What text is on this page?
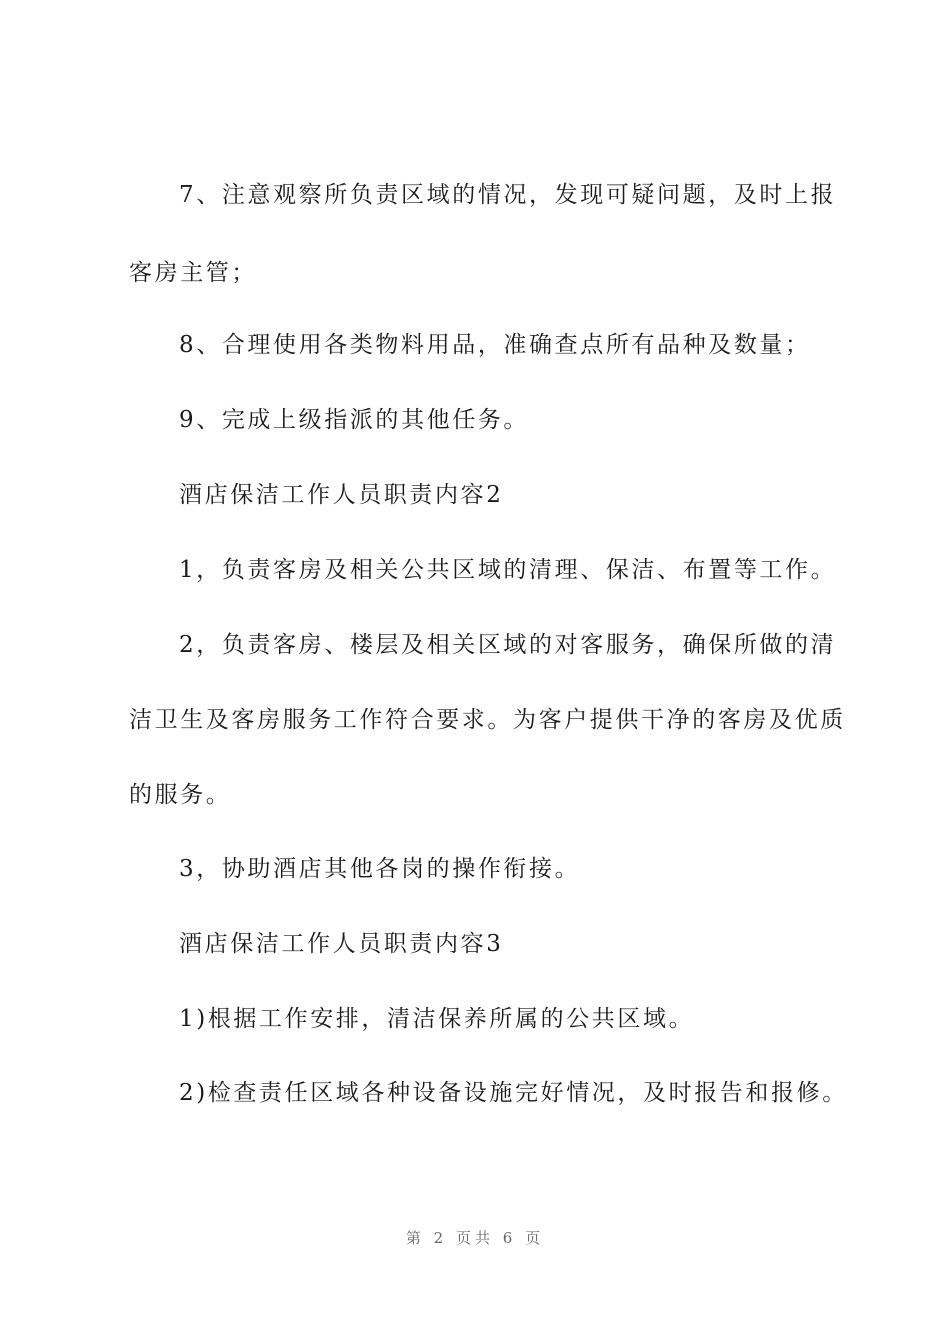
7、注意观察所负责区域的情况，发现可疑问题，及时上报
客房主管；
8、合理使用各类物料用品，准确查点所有品种及数量；
9、完成上级指派的其他任务。
酒店保洁工作人员职责内容2
1，负责客房及相关公共区域的清理、保洁、布置等工作。
2，负责客房、楼层及相关区域的对客服务，确保所做的清
洁卫生及客房服务工作符合要求。为客户提供干净的客房及优质
的服务。
3，协助酒店其他各岗的操作衔接。
酒店保洁工作人员职责内容3
1)根据工作安排，清洁保养所属的公共区域。
2)检查责任区域各种设备设施完好情况，及时报告和报修。
第 2 页共 6 页
